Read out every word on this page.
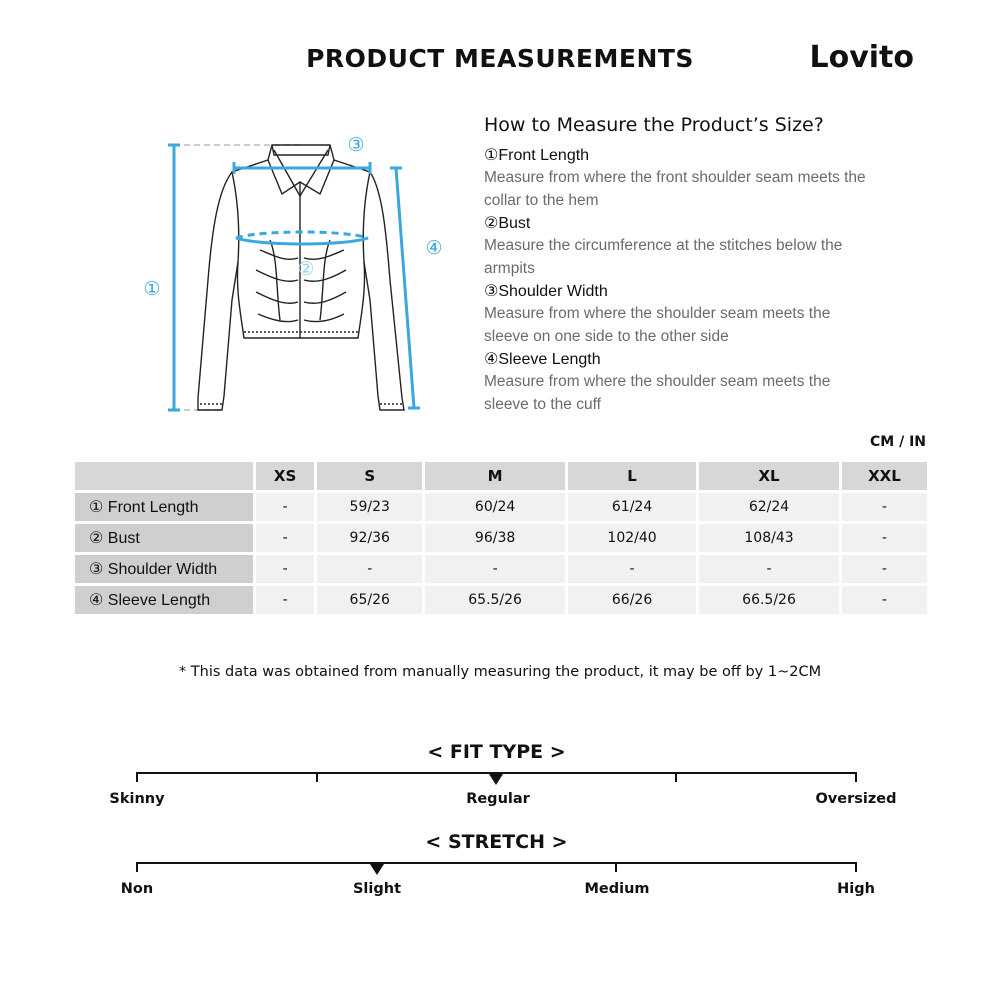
PRODUCT MEASUREMENTS	Lovito
①
②
③
④
How to Measure the Product’s Size?
①Front Length
Measure from where the front shoulder seam meets the
collar to the hem
②Bust
Measure the circumference at the stitches below the
armpits
③Shoulder Width
Measure from where the shoulder seam meets the
sleeve on one side to the other side
④Sleeve Length
Measure from where the shoulder seam meets the
sleeve to the cuff
CM / IN
	XS	S	M	L	XL	XXL
① Front Length	-	59/23	60/24	61/24	62/24	-
② Bust	-	92/36	96/38	102/40	108/43	-
③ Shoulder Width	-	-	-	-	-	-
④ Sleeve Length	-	65/26	65.5/26	66/26	66.5/26	-
* This data was obtained from manually measuring the product, it may be off by 1~2CM
< FIT TYPE >
Skinny	Regular	Oversized
< STRETCH >
Non	Slight	Medium	High
